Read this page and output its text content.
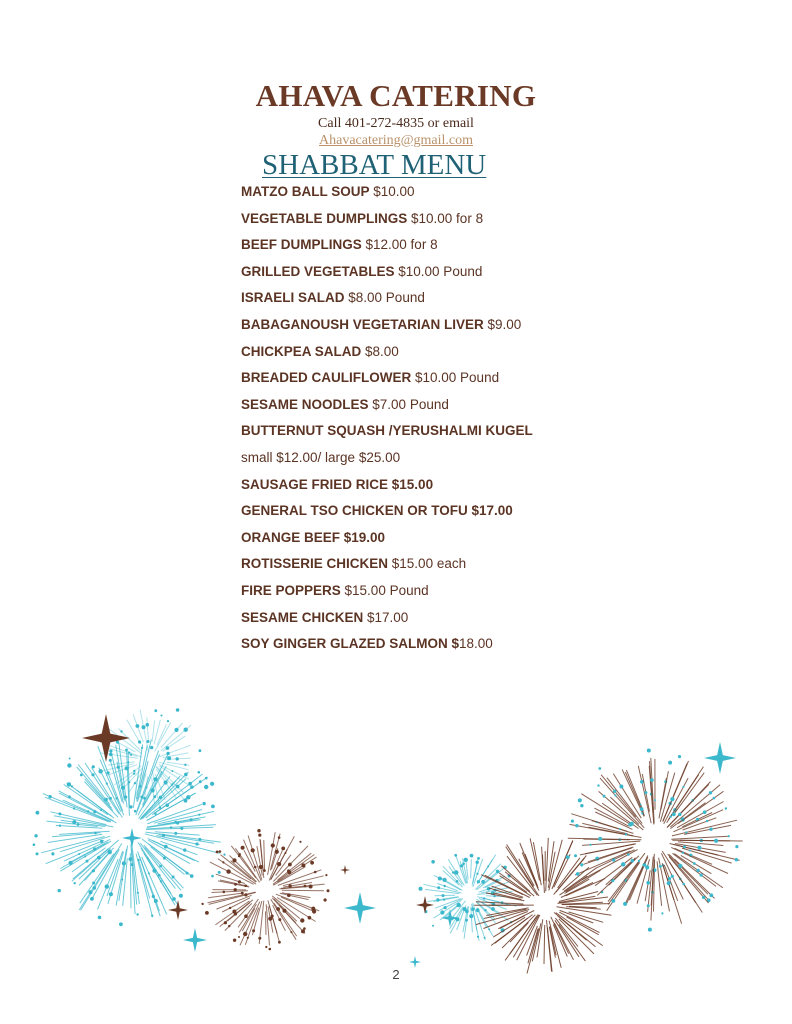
AHAVA CATERING
Call 401-272-4835 or email
Ahavacatering@gmail.com
SHABBAT MENU
MATZO BALL SOUP $10.00
VEGETABLE DUMPLINGS $10.00 for 8
BEEF DUMPLINGS $12.00 for 8
GRILLED VEGETABLES $10.00 Pound
ISRAELI SALAD $8.00 Pound
BABAGANOUSH VEGETARIAN LIVER $9.00
CHICKPEA SALAD $8.00
BREADED CAULIFLOWER $10.00 Pound
SESAME NOODLES $7.00 Pound
BUTTERNUT SQUASH /YERUSHALMI KUGEL
small $12.00/ large $25.00
SAUSAGE FRIED RICE $15.00
GENERAL TSO CHICKEN OR TOFU $17.00
ORANGE BEEF $19.00
ROTISSERIE CHICKEN $15.00 each
FIRE POPPERS $15.00 Pound
SESAME CHICKEN $17.00
SOY GINGER GLAZED SALMON $18.00
2
